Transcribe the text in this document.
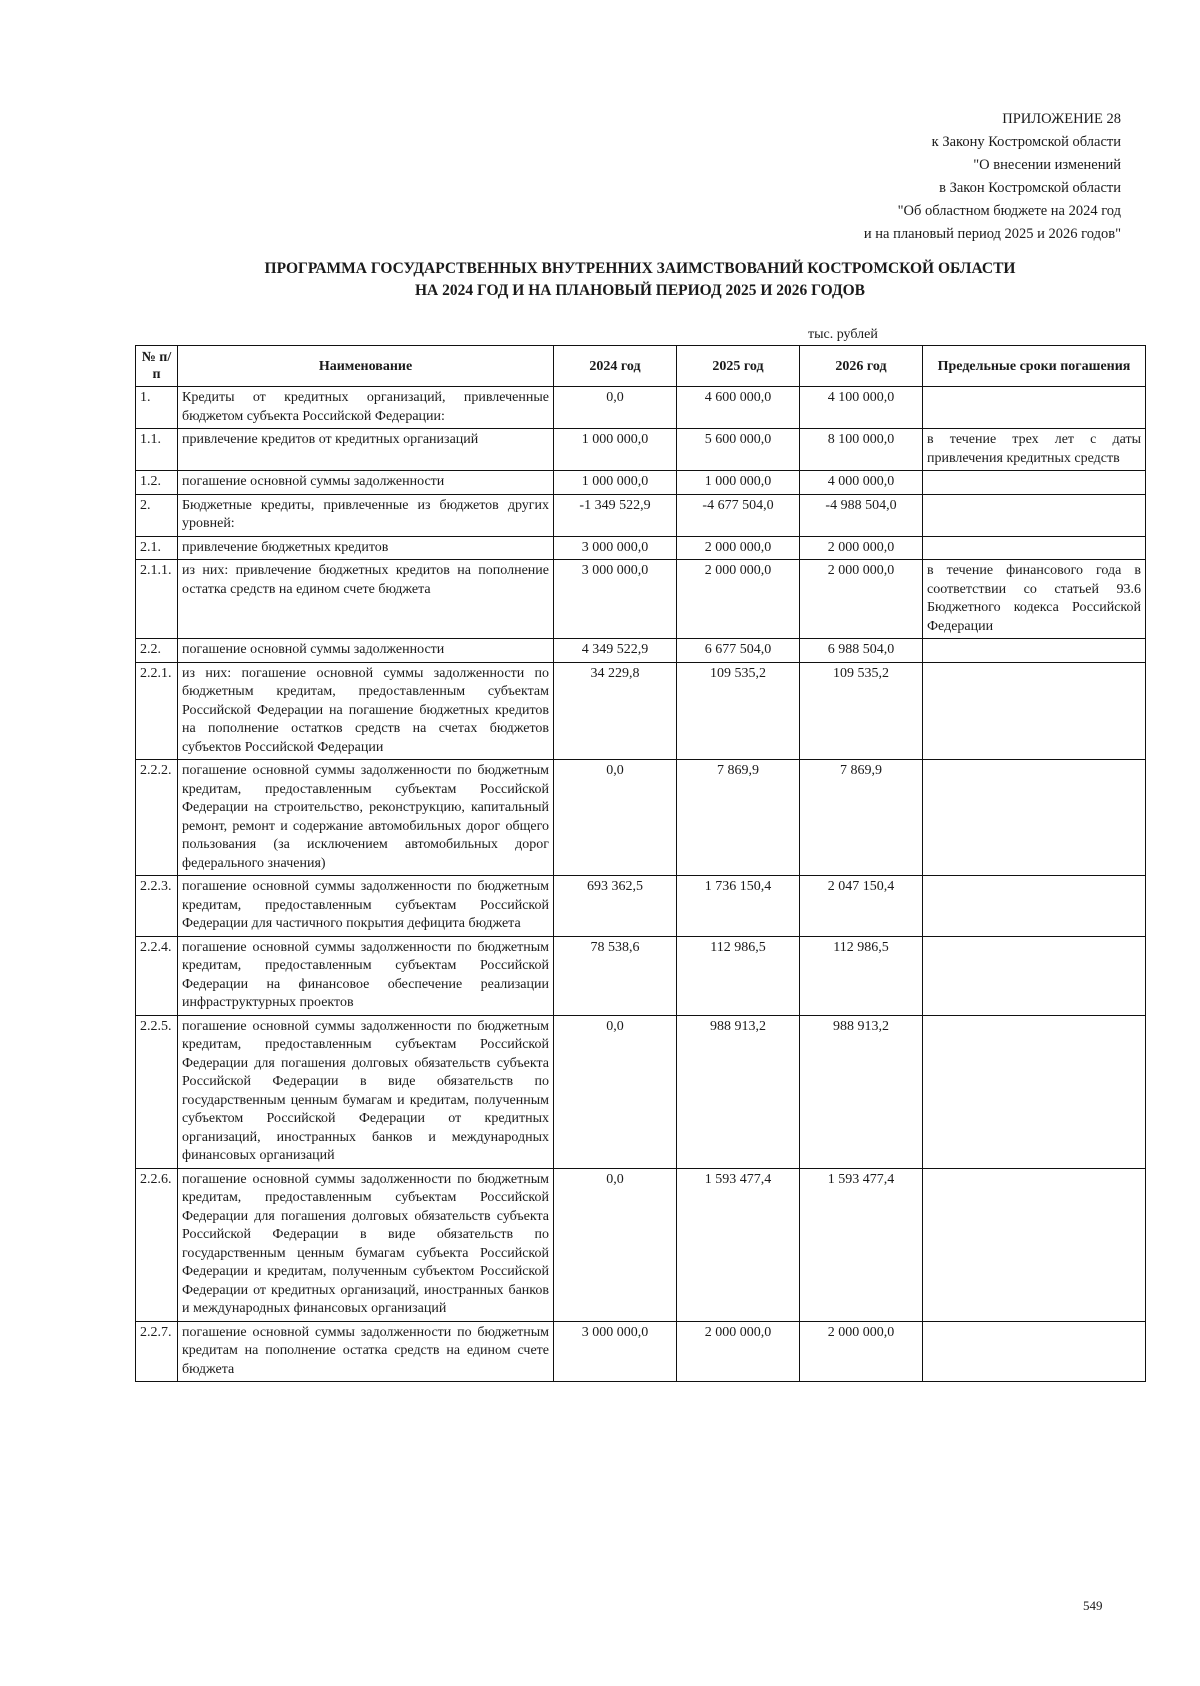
ПРИЛОЖЕНИЕ 28
к Закону Костромской области
"О внесении изменений
в Закон Костромской области
"Об областном бюджете на 2024 год
и на плановый период 2025 и 2026 годов"
ПРОГРАММА ГОСУДАРСТВЕННЫХ ВНУТРЕННИХ ЗАИМСТВОВАНИЙ КОСТРОМСКОЙ ОБЛАСТИ
НА 2024 ГОД И НА ПЛАНОВЫЙ ПЕРИОД 2025 И 2026 ГОДОВ
тыс. рублей
№ п/п	Наименование	2024 год	2025 год	2026 год	Предельные сроки погашения
1.	Кредиты от кредитных организаций, привлеченные бюджетом субъекта Российской Федерации:	0,0	4 600 000,0	4 100 000,0	
1.1.	привлечение кредитов от кредитных организаций	1 000 000,0	5 600 000,0	8 100 000,0	в течение трех лет с даты привлечения кредитных средств
1.2.	погашение основной суммы задолженности	1 000 000,0	1 000 000,0	4 000 000,0	
2.	Бюджетные кредиты, привлеченные из бюджетов других уровней:	-1 349 522,9	-4 677 504,0	-4 988 504,0	
2.1.	привлечение бюджетных кредитов	3 000 000,0	2 000 000,0	2 000 000,0	
2.1.1.	из них: привлечение бюджетных кредитов на пополнение остатка средств на едином счете бюджета	3 000 000,0	2 000 000,0	2 000 000,0	в течение финансового года в соответствии со статьей 93.6 Бюджетного кодекса Российской Федерации
2.2.	погашение основной суммы задолженности	4 349 522,9	6 677 504,0	6 988 504,0	
2.2.1.	из них: погашение основной суммы задолженности по бюджетным кредитам, предоставленным субъектам Российской Федерации на погашение бюджетных кредитов на пополнение остатков средств на счетах бюджетов субъектов Российской Федерации	34 229,8	109 535,2	109 535,2	
2.2.2.	погашение основной суммы задолженности по бюджетным кредитам, предоставленным субъектам Российской Федерации на строительство, реконструкцию, капитальный ремонт, ремонт и содержание автомобильных дорог общего пользования (за исключением автомобильных дорог федерального значения)	0,0	7 869,9	7 869,9	
2.2.3.	погашение основной суммы задолженности по бюджетным кредитам, предоставленным субъектам Российской Федерации для частичного покрытия дефицита бюджета	693 362,5	1 736 150,4	2 047 150,4	
2.2.4.	погашение основной суммы задолженности по бюджетным кредитам, предоставленным субъектам Российской Федерации на финансовое обеспечение реализации инфраструктурных проектов	78 538,6	112 986,5	112 986,5	
2.2.5.	погашение основной суммы задолженности по бюджетным кредитам, предоставленным субъектам Российской Федерации для погашения долговых обязательств субъекта Российской Федерации в виде обязательств по государственным ценным бумагам и кредитам, полученным субъектом Российской Федерации от кредитных организаций, иностранных банков и международных финансовых организаций	0,0	988 913,2	988 913,2	
2.2.6.	погашение основной суммы задолженности по бюджетным кредитам, предоставленным субъектам Российской Федерации для погашения долговых обязательств субъекта Российской Федерации в виде обязательств по государственным ценным бумагам субъекта Российской Федерации и кредитам, полученным субъектом Российской Федерации от кредитных организаций, иностранных банков и международных финансовых организаций	0,0	1 593 477,4	1 593 477,4	
2.2.7.	погашение основной суммы задолженности по бюджетным кредитам на пополнение остатка средств на едином счете бюджета	3 000 000,0	2 000 000,0	2 000 000,0	
549
